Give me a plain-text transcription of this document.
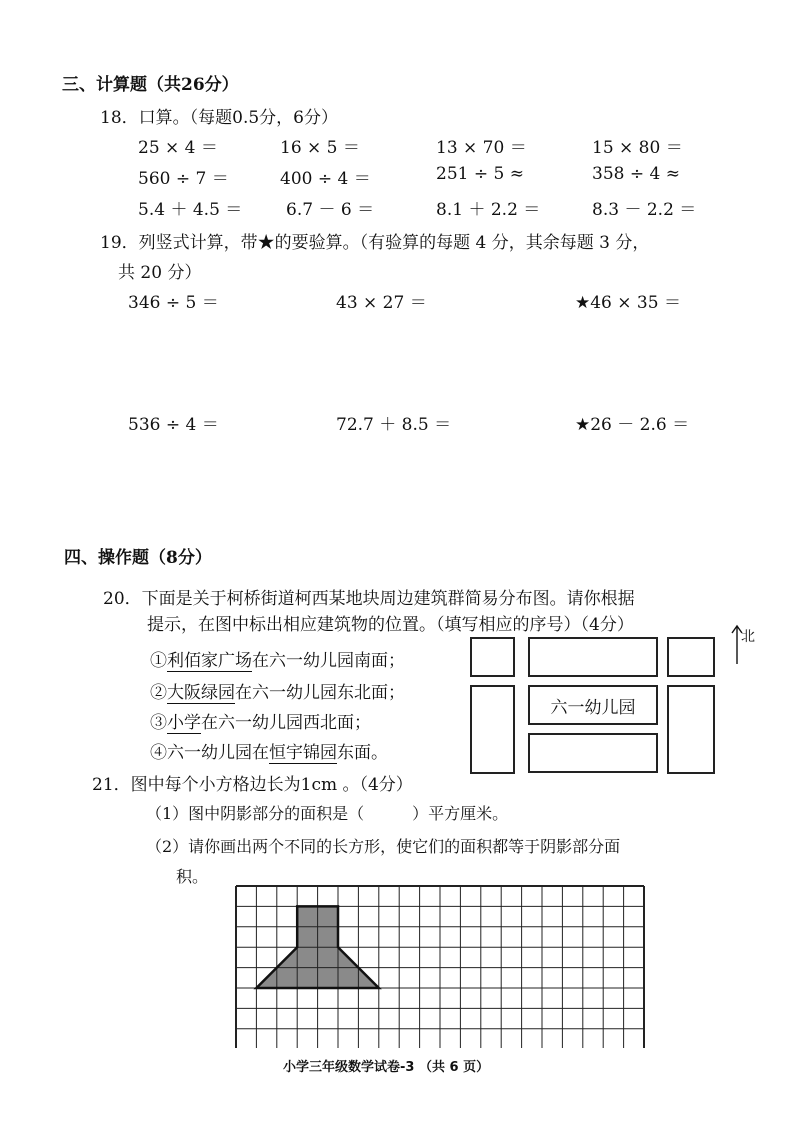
三、计算题（共26分）
18．口算。（每题0.5分，6分）
25 × 4 ＝	16 × 5 ＝	13 × 70 ＝	15 × 80 ＝
560 ÷ 7 ＝	400 ÷ 4 ＝	251 ÷ 5 ≈	358 ÷ 4 ≈
5.4 ＋ 4.5 ＝	6.7 － 6 ＝	8.1 ＋ 2.2 ＝	8.3 － 2.2 ＝
19．列竖式计算，带★的要验算。（有验算的每题 4 分，其余每题 3 分，
共 20 分）
346 ÷ 5 ＝	43 × 27 ＝	★46 × 35 ＝
536 ÷ 4 ＝	72.7 ＋ 8.5 ＝	★26 － 2.6 ＝
四、操作题（8分）
20．下面是关于柯桥街道柯西某地块周边建筑群简易分布图。请你根据
提示，在图中标出相应建筑物的位置。（填写相应的序号）（4分）
①利佰家广场在六一幼儿园南面；
②大阪绿园在六一幼儿园东北面；
③小学在六一幼儿园西北面；
④六一幼儿园在恒宇锦园东面。
六一幼儿园
北
21．图中每个小方格边长为1cm 。（4分）
（1）图中阴影部分的面积是（　　　）平方厘米。
（2）请你画出两个不同的长方形，使它们的面积都等于阴影部分面
积。
小学三年级数学试卷-3 （共 6 页）
